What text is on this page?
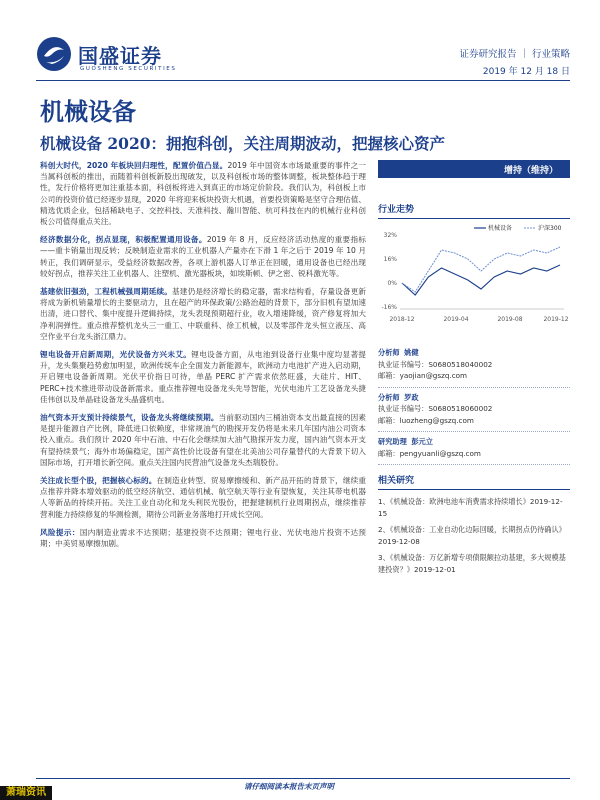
国盛证券
GUOSHENG SECURITIES
证券研究报告 ｜ 行业策略
2019 年 12 月 18 日
机械设备
机械设备 2020：拥抱科创，关注周期波动，把握核心资产

科创大时代，2020 年板块回归理性，配置价值凸显。2019 年中国资本市场最重要的事件之一当属科创板的推出，而随着科创板新股出现破发，以及科创板市场的整体调整，板块整体趋于理性，发行价格将更加注重基本面，科创板将进入到真正的市场定价阶段。我们认为，科创板上市公司的投资价值已经逐步显现，2020 年将迎来板块投资大机遇，首要投资策略是坚守合理估值、精选优质企业，包括稀缺电子、交控科技、天准科技、瀚川智能、杭可科技在内的机械行业科创板公司值得重点关注。

经济数据分化，拐点显现，积极配置通用设备。2019 年 8 月，反应经济活动热度的重要指标——重卡销量出现反转；反映制造业需求的工业机器人产量亦在下滑 1 年之后于 2019 年 10 月转正，我们调研显示，受益经济数据改善，各项上游机器人订单正在回暖，通用设备也已经出现较好拐点，推荐关注工业机器人、注塑机、激光器板块，如埃斯顿、伊之密、锐科激光等。

基建依旧强劲，工程机械强周期延续。基建仍是经济增长的稳定器，需求结构看，存量设备更新将成为新机销量增长的主要驱动力，且在超产的环保政策/公路治超的背景下，部分旧机有望加速出清，进口替代、集中度提升逻辑持续，龙头表现预期超行业，收入增速降缓，资产修复将加大净利润弹性。重点推荐整机龙头三一重工、中联重科、徐工机械，以及零部件龙头恒立液压、高空作业平台龙头浙江鼎力。

锂电设备开启新周期，光伏设备方兴未艾。锂电设备方面，从电池到设备行业集中度均显著提升，龙头集聚趋势愈加明显，欧洲传统车企全面发力新能源车，欧洲动力电池扩产进入启动期，开启锂电设备新周期。光伏平价指日可待，单晶 PERC 扩产需求依然旺盛，大硅片、HIT、PERC+技术推进带动设备新需求。重点推荐锂电设备龙头先导智能，光伏电池片工艺设备龙头捷佳伟创以及单晶硅设备龙头晶盛机电。

油气资本开支预计持续景气，设备龙头将继续预期。当前驱动国内三桶油资本支出最直接的因素是提升能源自产比例，降低进口依赖度，非常规油气的勘探开发仍将是未来几年国内油公司资本投入重点。我们预计 2020 年中石油、中石化会继续加大油气勘探开发力度，国内油气资本开支有望持续景气；海外市场偏稳定，国产高性价比设备有望在北美油公司存量替代的大背景下切入国际市场，打开增长新空间。重点关注国内民营油气设备龙头杰瑞股份。

关注成长型个股，把握核心标的。在制造业转型、贸易摩擦缓和、新产品开拓的背景下，继续重点推荐并降本增效驱动的低空经济航空、通信机械、航空航天等行业有望恢复，关注其带电机器人等新品的持续开拓。关注工业自动化和龙头利民光股份，把握建制机行业周期拐点，继续推荐营利能力持续修复的华测检测，期待公司新业务落地打开成长空间。

风险提示：国内制造业需求不达预期；基建投资不达预期；锂电行业、光伏电池片投资不达预期；中美贸易摩擦加剧。

增持（维持）
行业走势
32%
16%
0%
-16%
2018-12	2019-04	2019-08	2019-12
机械设备	沪深300
分析师 姚健
执业证书编号：S0680518040002
邮箱：yaojian@gszq.com
分析师 罗政
执业证书编号：S0680518060002
邮箱：luozheng@gszq.com
研究助理 彭元立
邮箱：pengyuanli@gszq.com
相关研究
1、《机械设备：欧洲电池车消费需求持续增长》2019-12-15
2、《机械设备：工业自动化边际回暖，长期拐点仍待确认》2019-12-08
3、《机械设备：万亿新增专项债限额拉动基建，多大规模基建投资？》2019-12-01
请仔细阅读本报告末页声明
萧瑞资讯
